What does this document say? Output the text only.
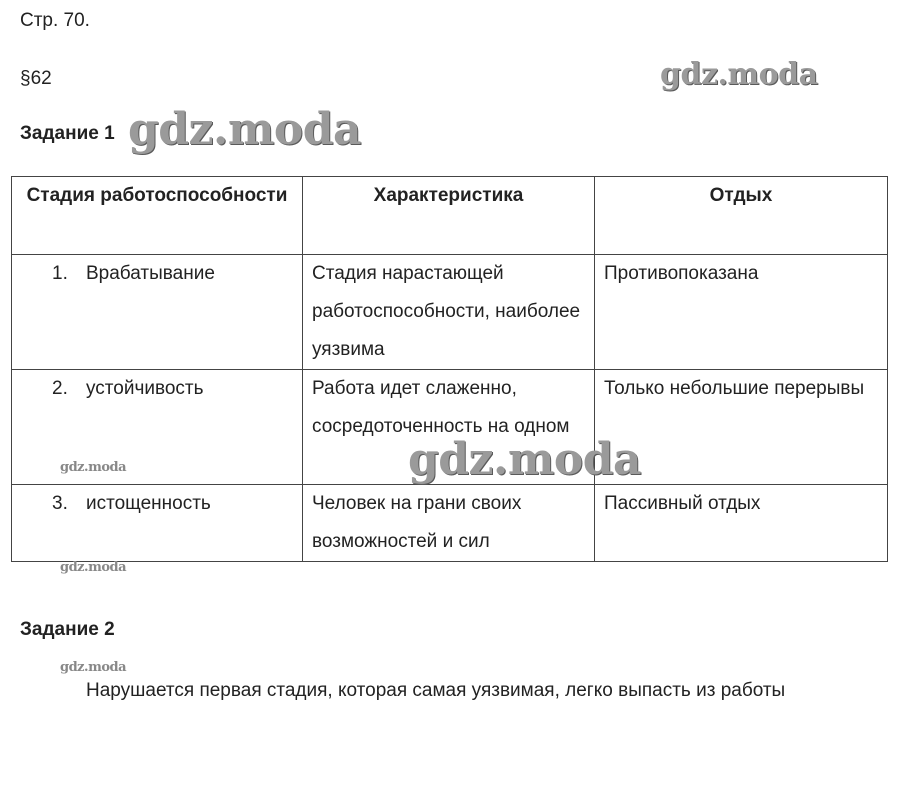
Стр. 70.
§62
Задание 1
Стадия работоспособности	Характеристика	Отдых
1. Врабатывание	Стадия нарастающей работоспособности, наиболее уязвима	Противопоказана
2. устойчивость	Работа идет слаженно, сосредоточенность на одном	Только небольшие перерывы
3. истощенность	Человек на грани своих возможностей и сил	Пассивный отдых
Задание 2
Нарушается первая стадия, которая самая уязвимая, легко выпасть из работы
gdz.moda
gdz.moda
gdz.moda
gdz.moda
gdz.moda
gdz.moda
